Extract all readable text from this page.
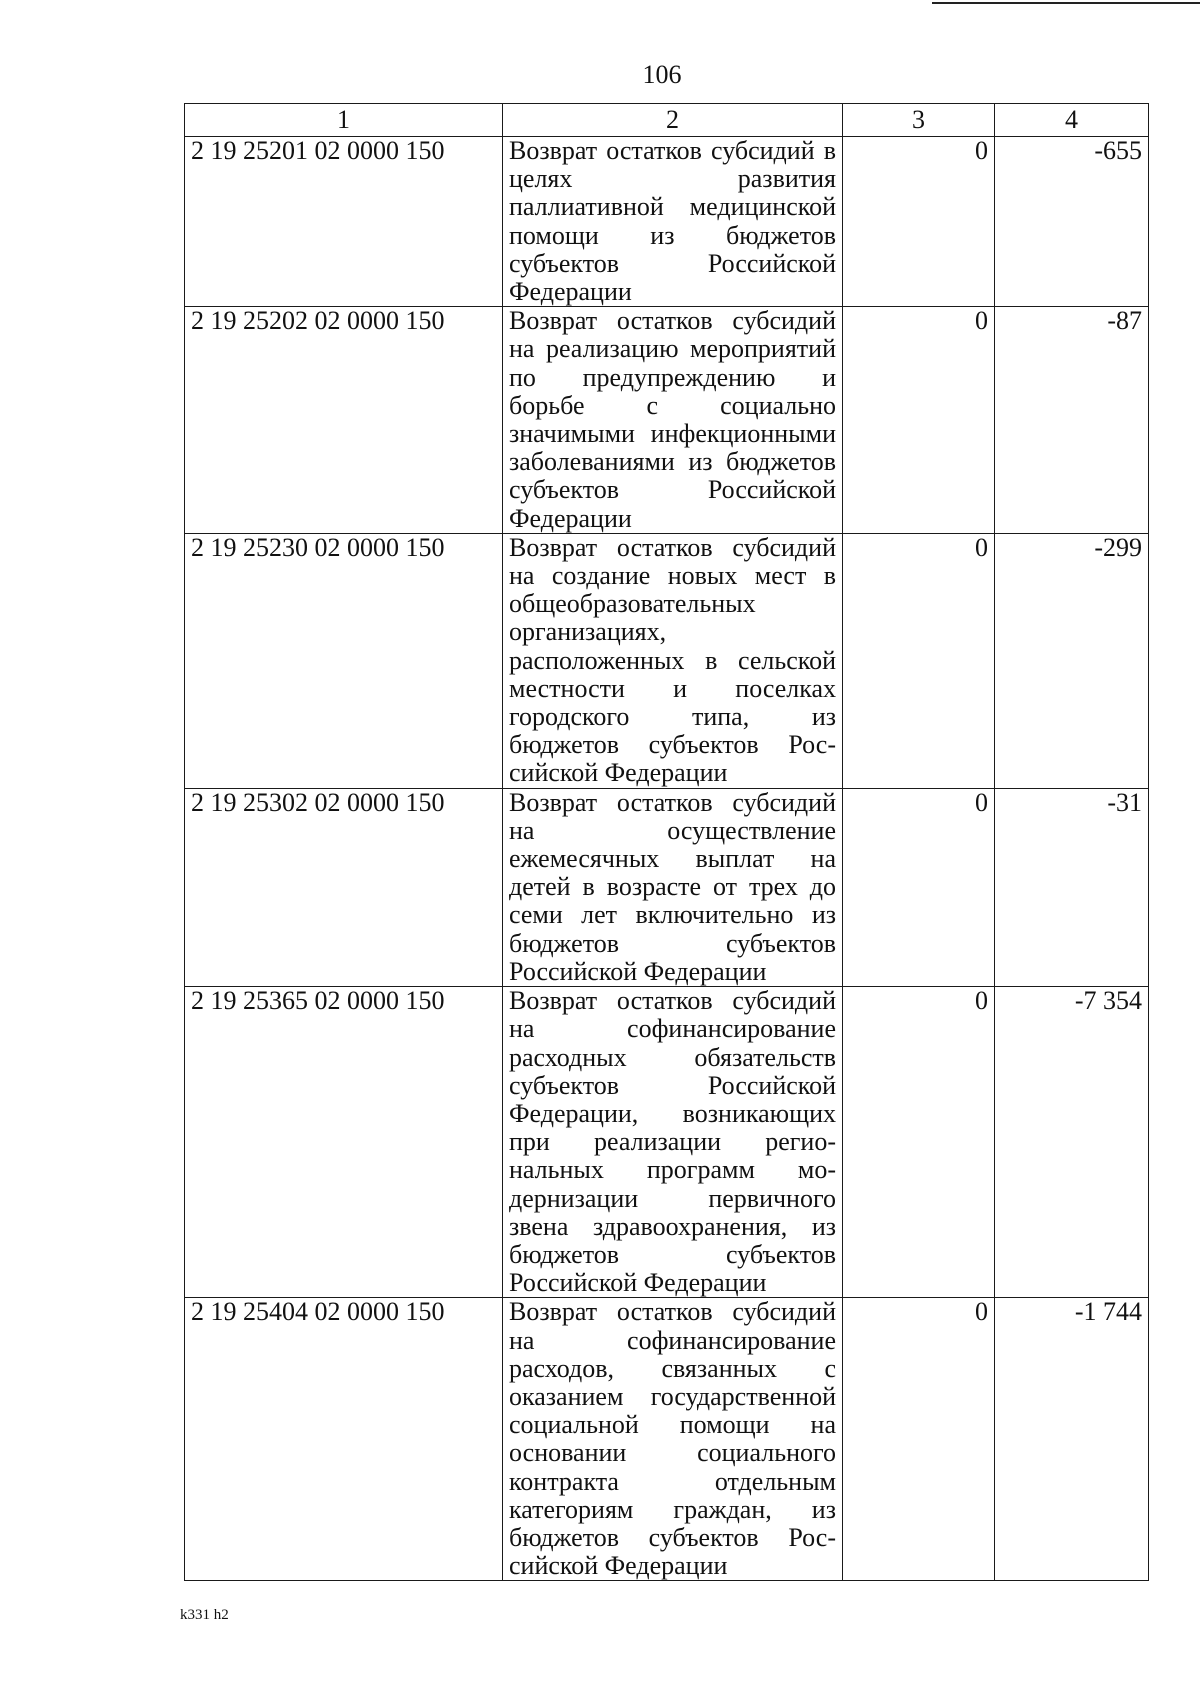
106
1	2	3	4
2 19 25201 02 0000 150	Возврат остатков субсидий в целях развития паллиативной медицинской помощи из бюджетов субъектов Российской Федерации	0	-655
2 19 25202 02 0000 150	Возврат остатков субсидий на реализацию мероприятий по предупреждению и борьбе с социально значимыми инфекционными заболеваниями из бюджетов субъектов Российской Федерации	0	-87
2 19 25230 02 0000 150	Возврат остатков субсидий на создание новых мест в общеобразовательных организациях, расположенных в сельской местности и поселках городского типа, из бюджетов субъектов Российской Федерации	0	-299
2 19 25302 02 0000 150	Возврат остатков субсидий на осуществление ежемесячных выплат на детей в возрасте от трех до семи лет включительно из бюджетов субъектов Российской Федерации	0	-31
2 19 25365 02 0000 150	Возврат остатков субсидий на софинансирование расходных обязательств субъектов Российской Федерации, возникающих при реализации региональных программ модернизации первичного звена здравоохранения, из бюджетов субъектов Российской Федерации	0	-7 354
2 19 25404 02 0000 150	Возврат остатков субсидий на софинансирование расходов, связанных с оказанием государственной социальной помощи на основании социального контракта отдельным категориям граждан, из бюджетов субъектов Российской Федерации	0	-1 744
k331 h2
